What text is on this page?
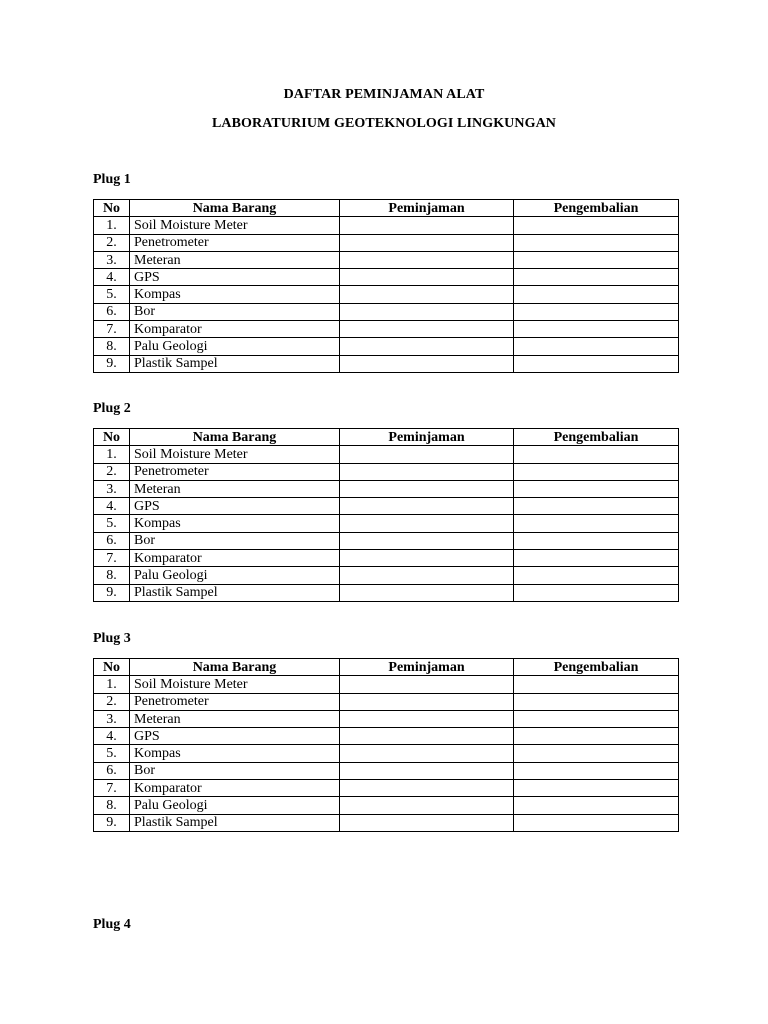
DAFTAR PEMINJAMAN ALAT
LABORATURIUM GEOTEKNOLOGI LINGKUNGAN
Plug 1
No	Nama Barang	Peminjaman	Pengembalian
1.	Soil Moisture Meter		
2.	Penetrometer		
3.	Meteran		
4.	GPS		
5.	Kompas		
6.	Bor		
7.	Komparator		
8.	Palu Geologi		
9.	Plastik Sampel		
Plug 2
No	Nama Barang	Peminjaman	Pengembalian
1.	Soil Moisture Meter		
2.	Penetrometer		
3.	Meteran		
4.	GPS		
5.	Kompas		
6.	Bor		
7.	Komparator		
8.	Palu Geologi		
9.	Plastik Sampel		
Plug 3
No	Nama Barang	Peminjaman	Pengembalian
1.	Soil Moisture Meter		
2.	Penetrometer		
3.	Meteran		
4.	GPS		
5.	Kompas		
6.	Bor		
7.	Komparator		
8.	Palu Geologi		
9.	Plastik Sampel		
Plug 4
